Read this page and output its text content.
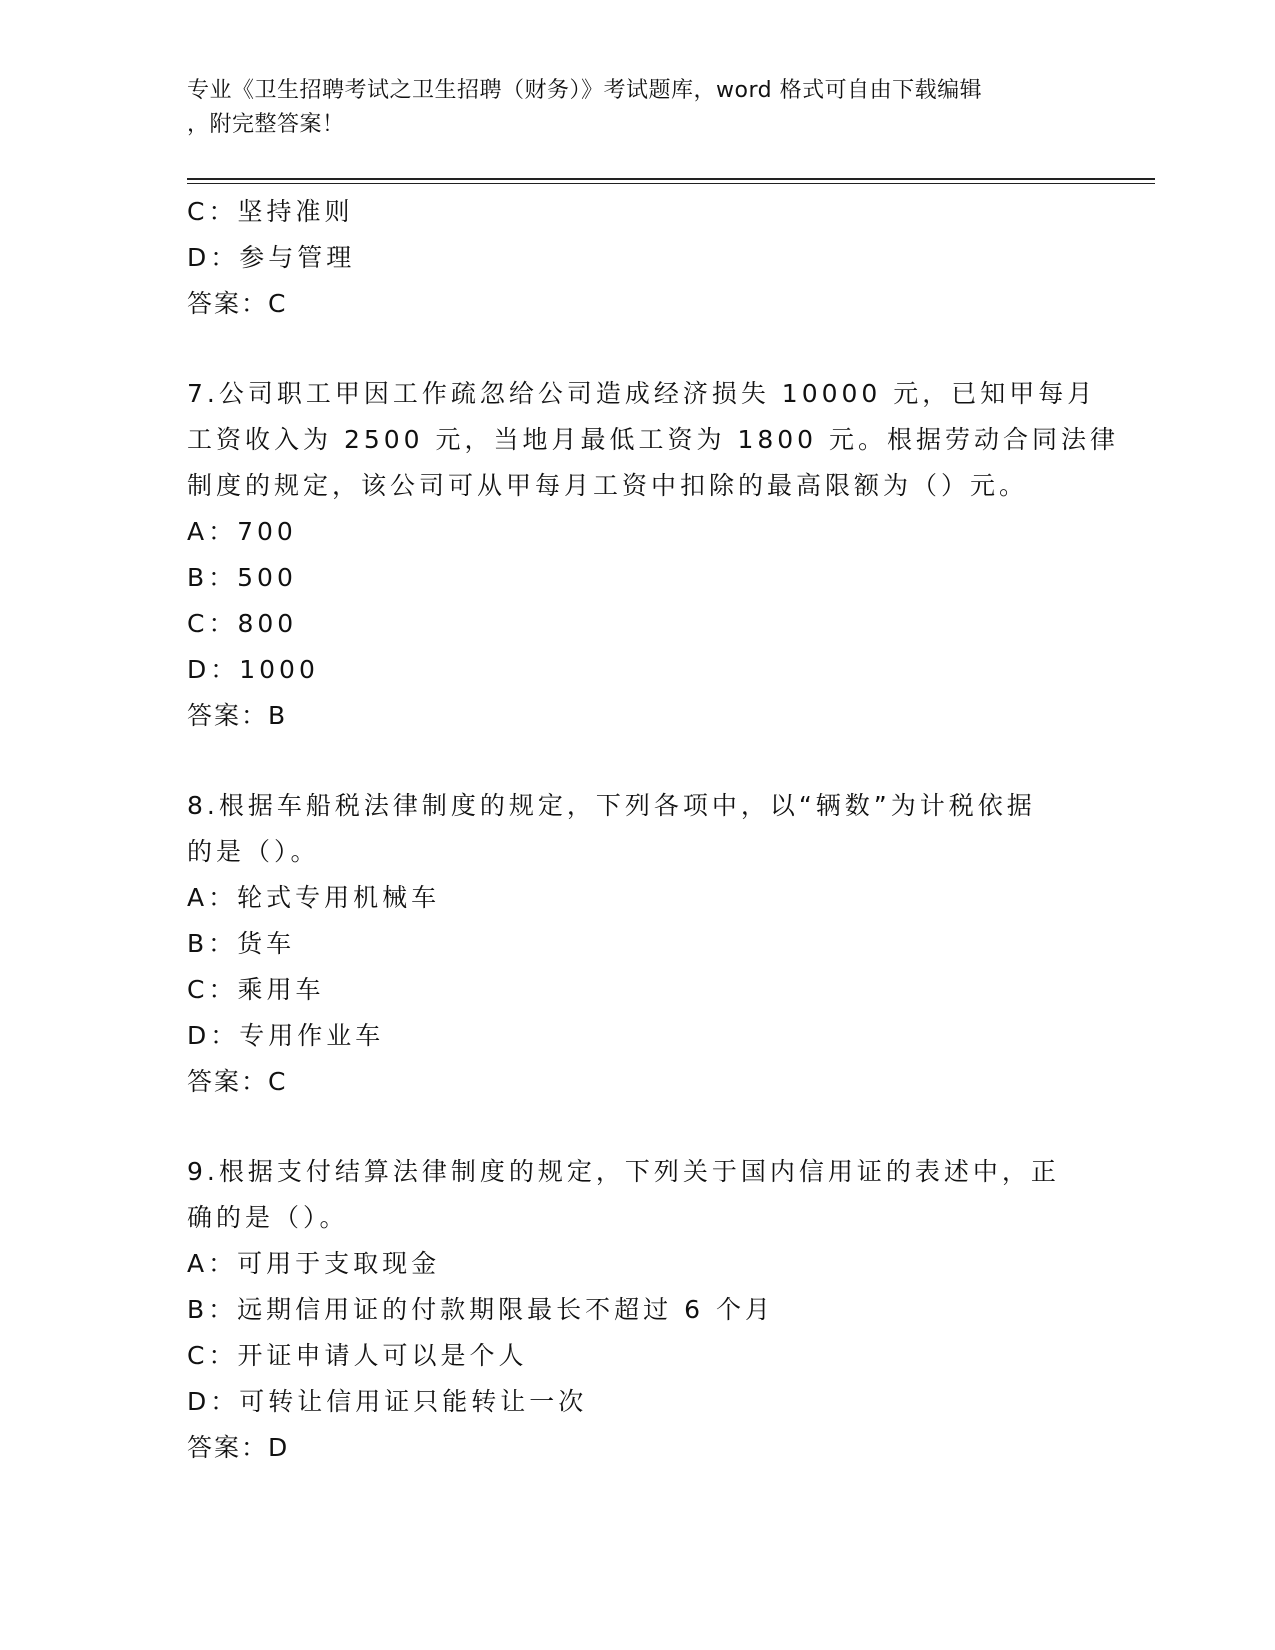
专业《卫生招聘考试之卫生招聘（财务）》考试题库，word 格式可自由下载编辑
，附完整答案！
C：坚持准则
D：参与管理
答案：C
7.公司职工甲因工作疏忽给公司造成经济损失 10000 元，已知甲每月
工资收入为 2500 元，当地月最低工资为 1800 元。根据劳动合同法律
制度的规定，该公司可从甲每月工资中扣除的最高限额为（）元。
A：700
B：500
C：800
D：1000
答案：B
8.根据车船税法律制度的规定，下列各项中，以“辆数”为计税依据
的是（）。
A：轮式专用机械车
B：货车
C：乘用车
D：专用作业车
答案：C
9.根据支付结算法律制度的规定，下列关于国内信用证的表述中，正
确的是（）。
A：可用于支取现金
B：远期信用证的付款期限最长不超过 6 个月
C：开证申请人可以是个人
D：可转让信用证只能转让一次
答案：D
